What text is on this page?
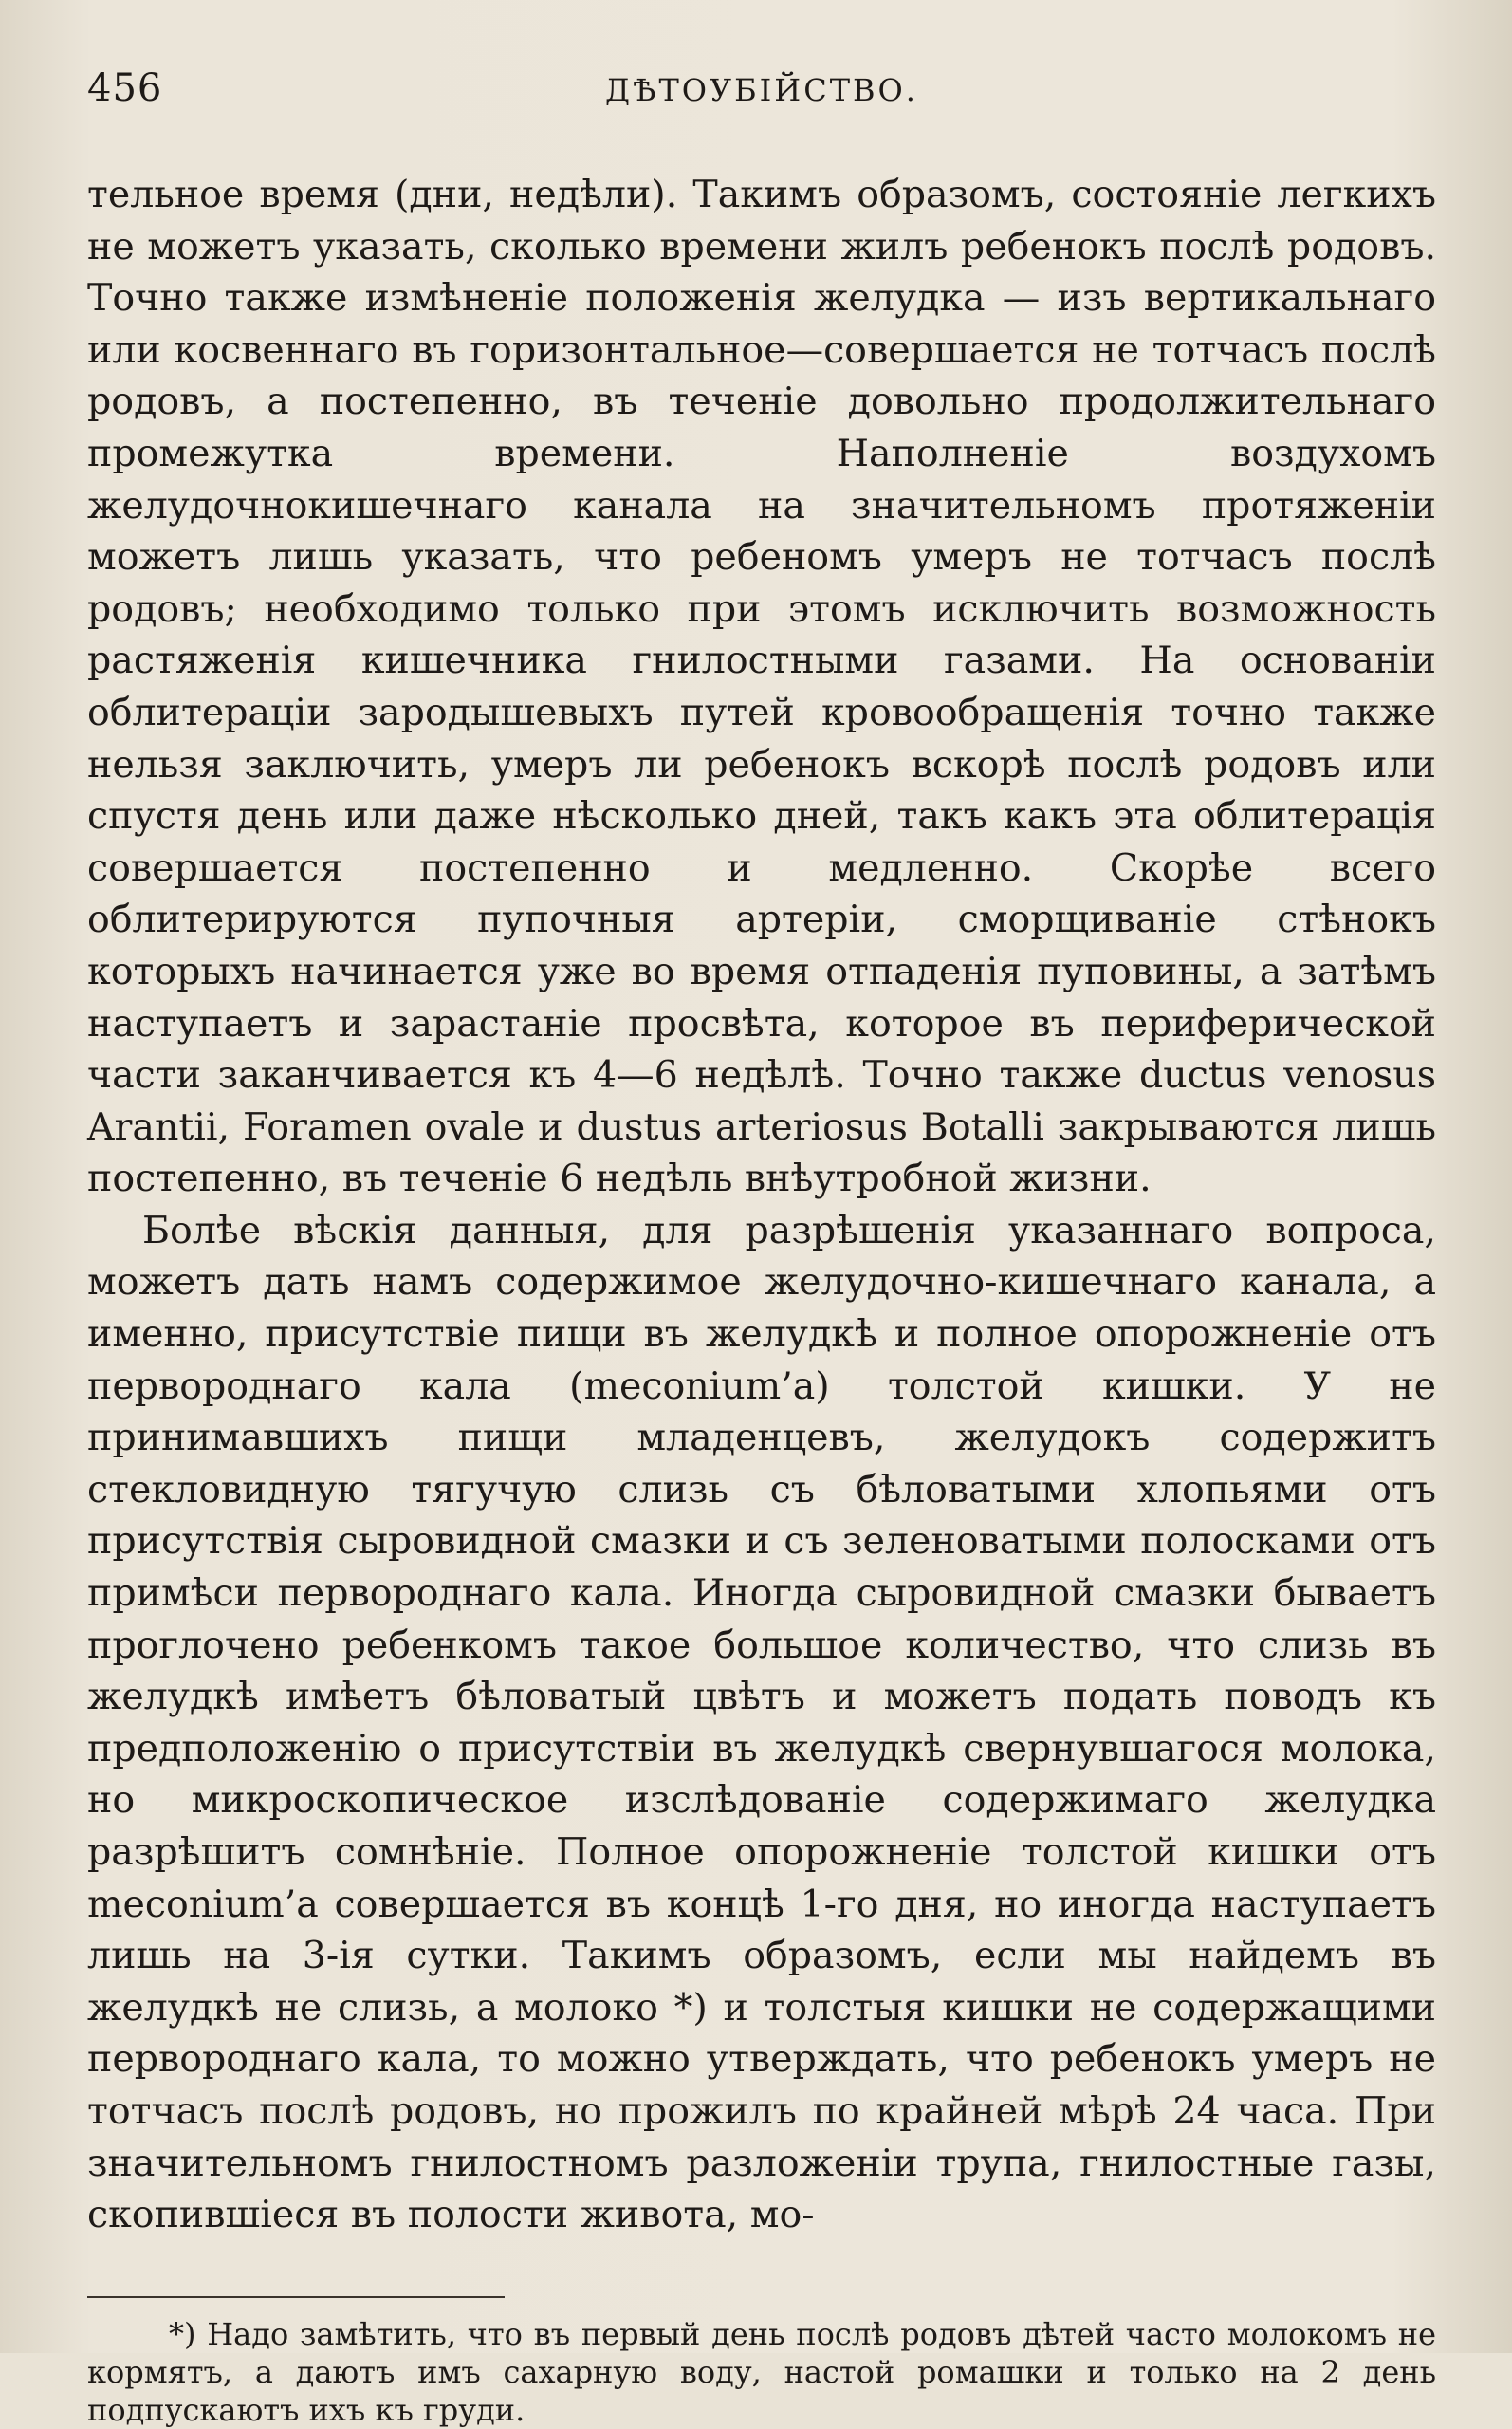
456	ДѢТОУБІЙСТВО.

тельное время (дни, недѣли). Такимъ образомъ, состояніе легкихъ не можетъ указать, сколько времени жилъ ребенокъ послѣ родовъ. Точно также измѣненіе положенія желудка — изъ вертикальнаго или косвеннаго въ горизонтальное—совершается не тотчасъ послѣ родовъ, а постепенно, въ теченіе довольно продолжительнаго промежутка времени. Наполненіе воздухомъ желудочнокишечнаго канала на значительномъ протяженіи можетъ лишь указать, что ребеномъ умеръ не тотчасъ послѣ родовъ; необходимо только при этомъ исключить возможность растяженія кишечника гнилостными газами. На основаніи облитераціи зародышевыхъ путей кровообращенія точно также нельзя заключить, умеръ ли ребенокъ вскорѣ послѣ родовъ или спустя день или даже нѣсколько дней, такъ какъ эта облитерація совершается постепенно и медленно. Скорѣе всего облитерируются пупочныя артеріи, сморщиваніе стѣнокъ которыхъ начинается уже во время отпаденія пуповины, а затѣмъ наступаетъ и зарастаніе просвѣта, которое въ периферической части заканчивается къ 4—6 недѣлѣ. Точно также ductus venosus Arantii, Foramen ovale и dustus arteriosus Botalli закрываются лишь постепенно, въ теченіе 6 недѣль внѣутробной жизни.

Болѣе вѣскія данныя, для разрѣшенія указаннаго вопроса, можетъ дать намъ содержимое желудочно-кишечнаго канала, а именно, присутствіе пищи въ желудкѣ и полное опорожненіе отъ первороднаго кала (meconium’а) толстой кишки. У не принимавшихъ пищи младенцевъ, желудокъ содержитъ стекловидную тягучую слизь съ бѣловатыми хлопьями отъ присутствія сыровидной смазки и съ зеленоватыми полосками отъ примѣси первороднаго кала. Иногда сыровидной смазки бываетъ проглочено ребенкомъ такое большое количество, что слизь въ желудкѣ имѣетъ бѣловатый цвѣтъ и можетъ подать поводъ къ предположенію о присутствіи въ желудкѣ свернувшагося молока, но микроскопическое изслѣдованіе содержимаго желудка разрѣшитъ сомнѣніе. Полное опорожненіе толстой кишки отъ meconium’а совершается въ концѣ 1-го дня, но иногда наступаетъ лишь на 3-ія сутки. Такимъ образомъ, если мы найдемъ въ желудкѣ не слизь, а молоко *) и толстыя кишки не содержащими первороднаго кала, то можно утверждать, что ребенокъ умеръ не тотчасъ послѣ родовъ, но прожилъ по крайней мѣрѣ 24 часа. При значительномъ гнилостномъ разложеніи трупа, гнилостные газы, скопившіеся въ полости живота, мо-

*) Надо замѣтить, что въ первый день послѣ родовъ дѣтей часто молокомъ не кормятъ, а даютъ имъ сахарную воду, настой ромашки и только на 2 день подпускаютъ ихъ къ груди.
